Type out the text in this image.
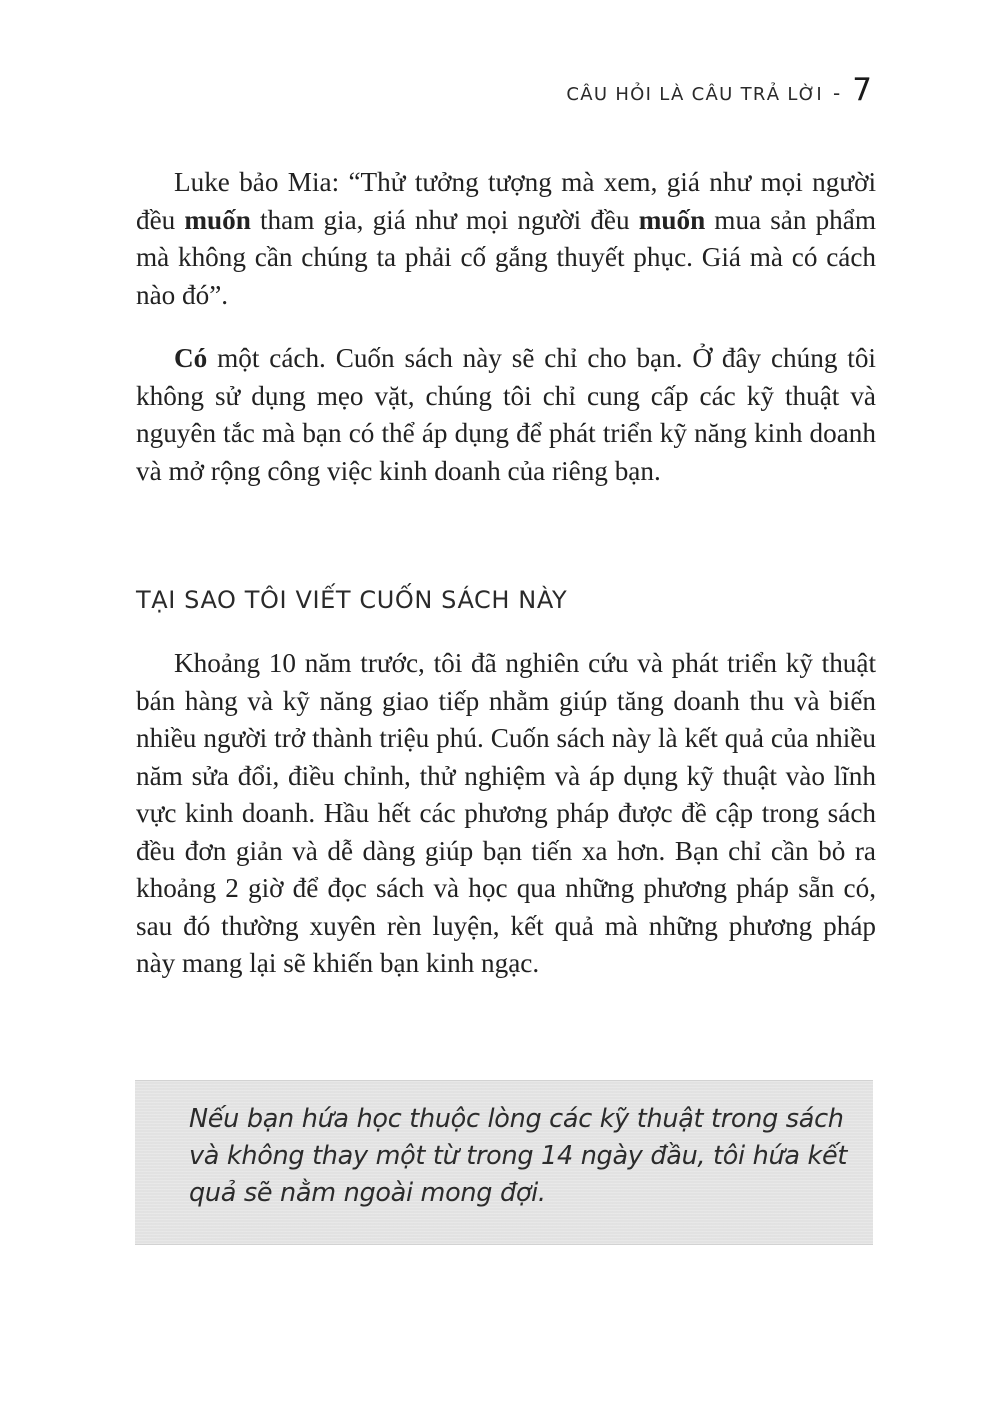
CÂU HỎI LÀ CÂU TRẢ LỜI - 7

Luke bảo Mia: “Thử tưởng tượng mà xem, giá như mọi người đều muốn tham gia, giá như mọi người đều muốn mua sản phẩm mà không cần chúng ta phải cố gắng thuyết phục. Giá mà có cách nào đó”.

Có một cách. Cuốn sách này sẽ chỉ cho bạn. Ở đây chúng tôi không sử dụng mẹo vặt, chúng tôi chỉ cung cấp các kỹ thuật và nguyên tắc mà bạn có thể áp dụng để phát triển kỹ năng kinh doanh và mở rộng công việc kinh doanh của riêng bạn.

TẠI SAO TÔI VIẾT CUỐN SÁCH NÀY

Khoảng 10 năm trước, tôi đã nghiên cứu và phát triển kỹ thuật bán hàng và kỹ năng giao tiếp nhằm giúp tăng doanh thu và biến nhiều người trở thành triệu phú. Cuốn sách này là kết quả của nhiều năm sửa đổi, điều chỉnh, thử nghiệm và áp dụng kỹ thuật vào lĩnh vực kinh doanh. Hầu hết các phương pháp được đề cập trong sách đều đơn giản và dễ dàng giúp bạn tiến xa hơn. Bạn chỉ cần bỏ ra khoảng 2 giờ để đọc sách và học qua những phương pháp sẵn có, sau đó thường xuyên rèn luyện, kết quả mà những phương pháp này mang lại sẽ khiến bạn kinh ngạc.

Nếu bạn hứa học thuộc lòng các kỹ thuật trong sách và không thay một từ trong 14 ngày đầu, tôi hứa kết quả sẽ nằm ngoài mong đợi.
